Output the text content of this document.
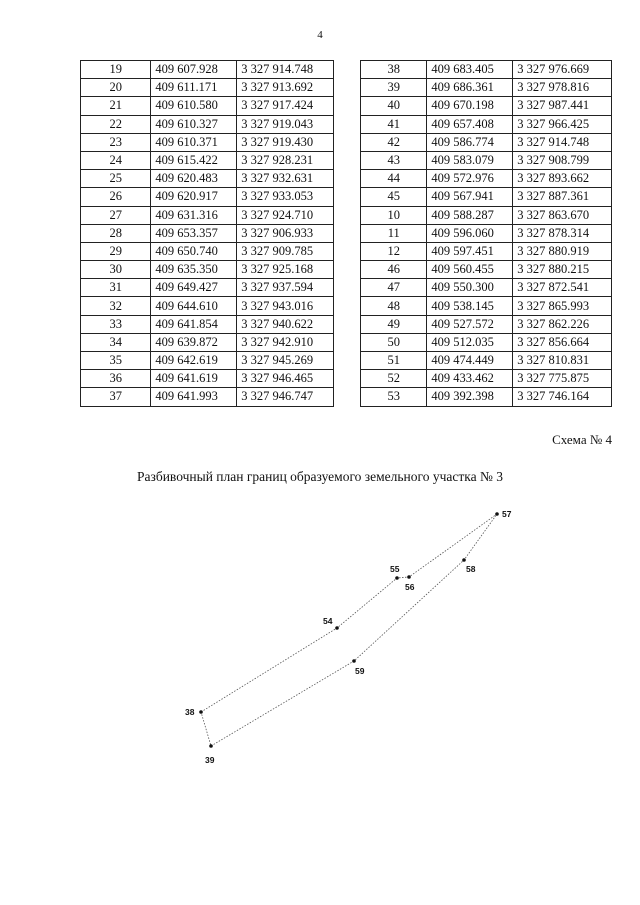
4
19	409 607.928	3 327 914.748
20	409 611.171	3 327 913.692
21	409 610.580	3 327 917.424
22	409 610.327	3 327 919.043
23	409 610.371	3 327 919.430
24	409 615.422	3 327 928.231
25	409 620.483	3 327 932.631
26	409 620.917	3 327 933.053
27	409 631.316	3 327 924.710
28	409 653.357	3 327 906.933
29	409 650.740	3 327 909.785
30	409 635.350	3 327 925.168
31	409 649.427	3 327 937.594
32	409 644.610	3 327 943.016
33	409 641.854	3 327 940.622
34	409 639.872	3 327 942.910
35	409 642.619	3 327 945.269
36	409 641.619	3 327 946.465
37	409 641.993	3 327 946.747
38	409 683.405	3 327 976.669
39	409 686.361	3 327 978.816
40	409 670.198	3 327 987.441
41	409 657.408	3 327 966.425
42	409 586.774	3 327 914.748
43	409 583.079	3 327 908.799
44	409 572.976	3 327 893.662
45	409 567.941	3 327 887.361
10	409 588.287	3 327 863.670
11	409 596.060	3 327 878.314
12	409 597.451	3 327 880.919
46	409 560.455	3 327 880.215
47	409 550.300	3 327 872.541
48	409 538.145	3 327 865.993
49	409 527.572	3 327 862.226
50	409 512.035	3 327 856.664
51	409 474.449	3 327 810.831
52	409 433.462	3 327 775.875
53	409 392.398	3 327 746.164
Схема № 4
Разбивочный план границ образуемого земельного участка № 3
38
54
55
56
57
58
59
39
